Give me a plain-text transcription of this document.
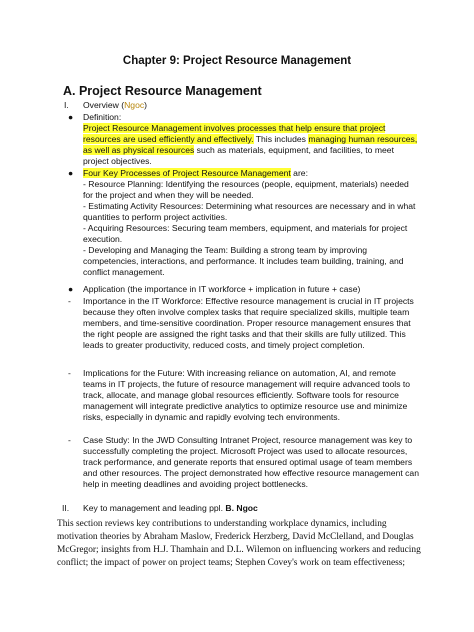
Chapter 9: Project Resource Management
A. Project Resource Management
I. Overview (Ngoc)
● Definition:
Project Resource Management involves processes that help ensure that project
resources are used efficiently and effectively. This includes managing human resources,
as well as physical resources such as materials, equipment, and facilities, to meet
project objectives.
● Four Key Processes of Project Resource Management are:
- Resource Planning: Identifying the resources (people, equipment, materials) needed
for the project and when they will be needed.
- Estimating Activity Resources: Determining what resources are necessary and in what
quantities to perform project activities.
- Acquiring Resources: Securing team members, equipment, and materials for project
execution.
- Developing and Managing the Team: Building a strong team by improving
competencies, interactions, and performance. It includes team building, training, and
conflict management.
● Application (the importance in IT workforce + implication in future + case)
- Importance in the IT Workforce: Effective resource management is crucial in IT projects
because they often involve complex tasks that require specialized skills, multiple team
members, and time-sensitive coordination. Proper resource management ensures that
the right people are assigned the right tasks and that their skills are fully utilized. This
leads to greater productivity, reduced costs, and timely project completion.
- Implications for the Future: With increasing reliance on automation, AI, and remote
teams in IT projects, the future of resource management will require advanced tools to
track, allocate, and manage global resources efficiently. Software tools for resource
management will integrate predictive analytics to optimize resource use and minimize
risks, especially in dynamic and rapidly evolving tech environments.
- Case Study: In the JWD Consulting Intranet Project, resource management was key to
successfully completing the project. Microsoft Project was used to allocate resources,
track performance, and generate reports that ensured optimal usage of team members
and other resources. The project demonstrated how effective resource management can
help in meeting deadlines and avoiding project bottlenecks.
II. Key to management and leading ppl. B. Ngoc
This section reviews key contributions to understanding workplace dynamics, including
motivation theories by Abraham Maslow, Frederick Herzberg, David McClelland, and Douglas
McGregor; insights from H.J. Thamhain and D.L. Wilemon on influencing workers and reducing
conflict; the impact of power on project teams; Stephen Covey's work on team effectiveness;
